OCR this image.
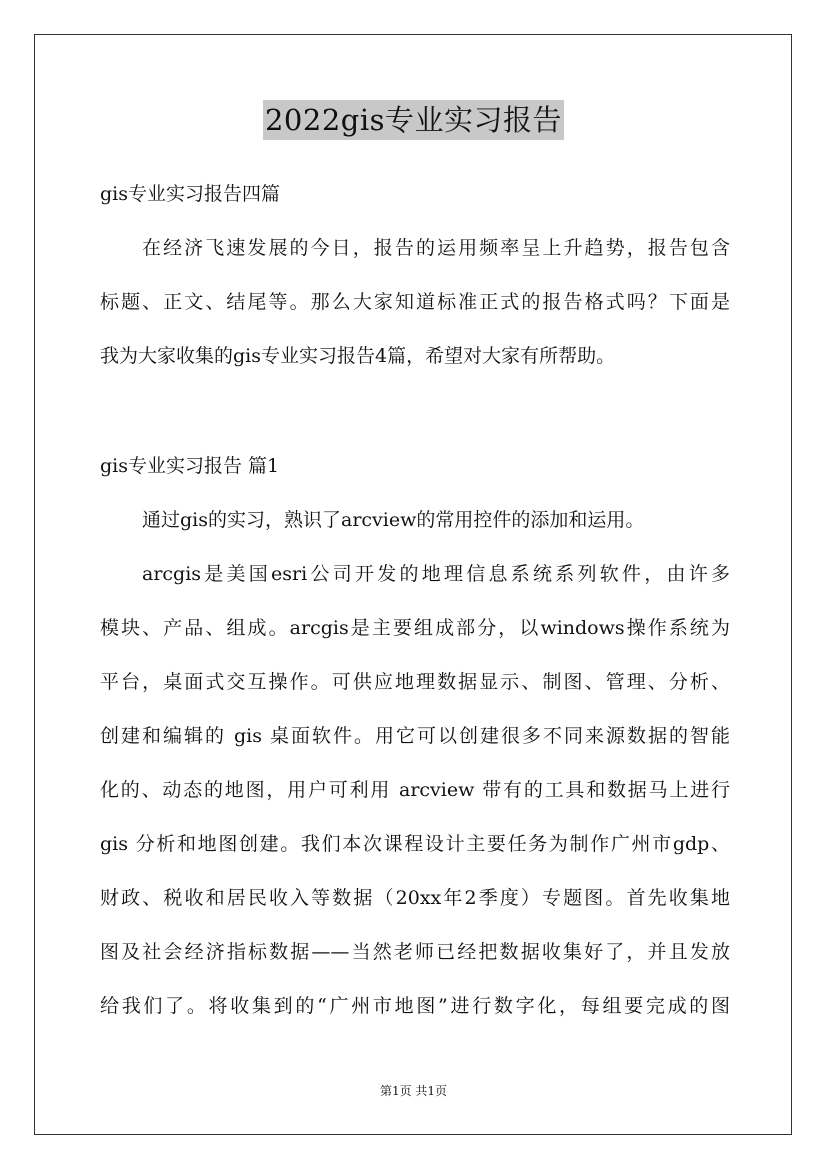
2022gis专业实习报告
gis专业实习报告四篇
在经济飞速发展的今日，报告的运用频率呈上升趋势，报告包含
标题、正文、结尾等。那么大家知道标准正式的报告格式吗？下面是
我为大家收集的gis专业实习报告4篇，希望对大家有所帮助。
gis专业实习报告 篇1
通过gis的实习，熟识了arcview的常用控件的添加和运用。
arcgis是美国esri公司开发的地理信息系统系列软件，由许多
模块、产品、组成。arcgis是主要组成部分，以windows操作系统为
平台，桌面式交互操作。可供应地理数据显示、制图、管理、分析、
创建和编辑的 gis 桌面软件。用它可以创建很多不同来源数据的智能
化的、动态的地图，用户可利用 arcview 带有的工具和数据马上进行
gis 分析和地图创建。我们本次课程设计主要任务为制作广州市gdp、
财政、税收和居民收入等数据（20xx年2季度）专题图。首先收集地
图及社会经济指标数据——当然老师已经把数据收集好了，并且发放
给我们了。将收集到的“广州市地图”进行数字化，每组要完成的图
第1页 共1页
